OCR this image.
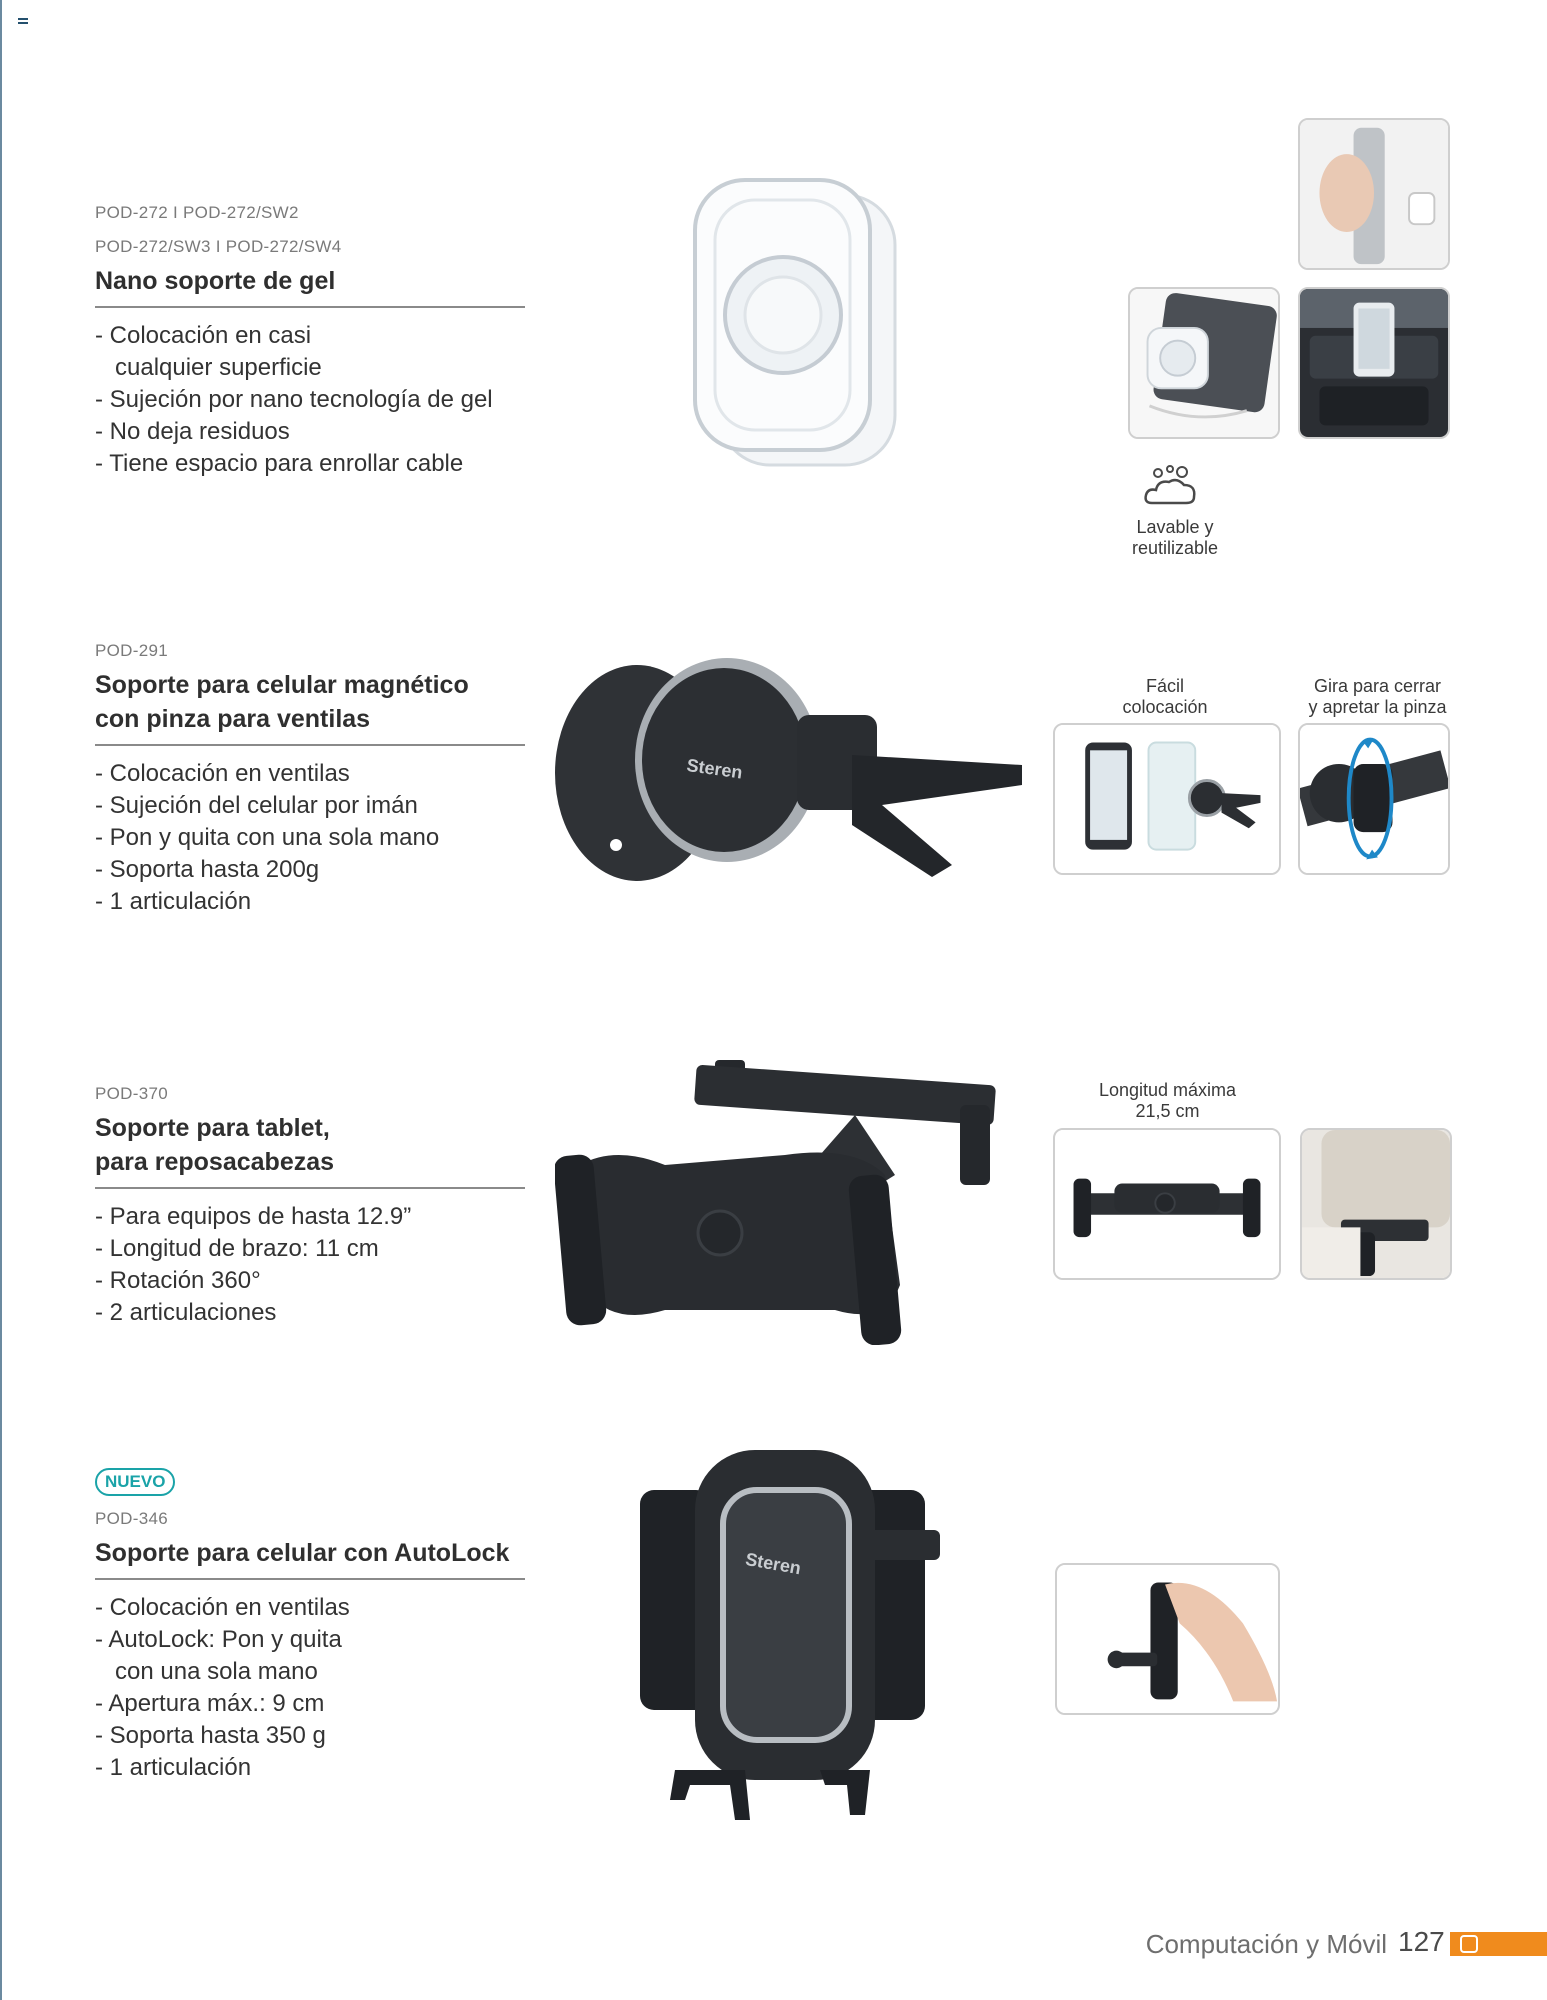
POD-272 I POD-272/SW2
POD-272/SW3 I POD-272/SW4
Nano soporte de gel
- Colocación en casi
cualquier superficie
- Sujeción por nano tecnología de gel
- No deja residuos
- Tiene espacio para enrollar cable
Lavable y
reutilizable
POD-291
Soporte para celular magnético
con pinza para ventilas
- Colocación en ventilas
- Sujeción del celular por imán
- Pon y quita con una sola mano
- Soporta hasta 200g
- 1 articulación
Steren
Fácil
colocación
Gira para cerrar
y apretar la pinza
POD-370
Soporte para tablet,
para reposacabezas
- Para equipos de hasta 12.9”
- Longitud de brazo: 11 cm
- Rotación 360°
- 2 articulaciones
Longitud máxima
21,5 cm
NUEVO
POD-346
Soporte para celular con AutoLock
- Colocación en ventilas
- AutoLock: Pon y quita
con una sola mano
- Apertura máx.: 9 cm
- Soporta hasta 350 g
- 1 articulación
Steren
Computación y Móvil 127
